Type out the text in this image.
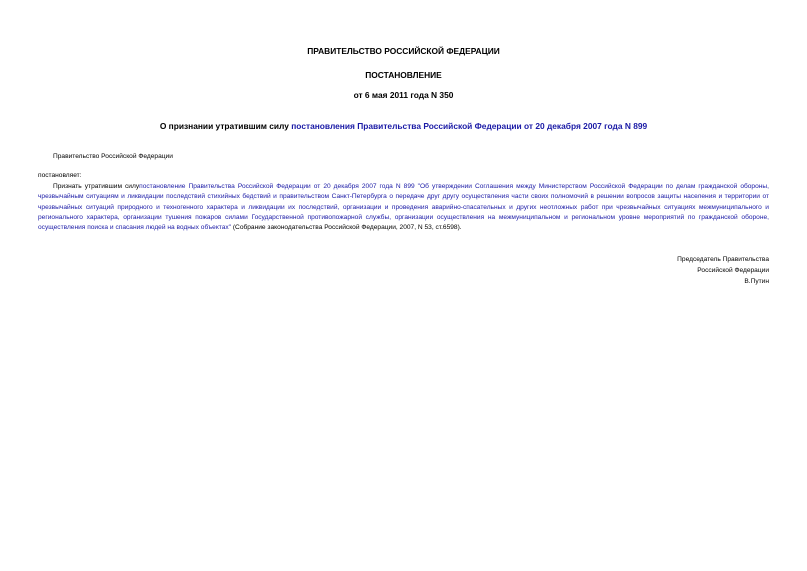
ПРАВИТЕЛЬСТВО РОССИЙСКОЙ ФЕДЕРАЦИИ
ПОСТАНОВЛЕНИЕ
от 6 мая 2011 года N 350
О признании утратившим силу постановления Правительства Российской Федерации от 20 декабря 2007 года N 899
Правительство Российской Федерации
постановляет:
Признать утратившим силупостановление Правительства Российской Федерации от 20 декабря 2007 года N 899 "Об утверждении Соглашения между Министерством Российской Федерации по делам гражданской обороны, чрезвычайным ситуациям и ликвидации последствий стихийных бедствий и правительством Санкт-Петербурга о передаче друг другу осуществления части своих полномочий в решении вопросов защиты населения и территории от чрезвычайных ситуаций природного и техногенного характера и ликвидации их последствий, организации и проведения аварийно-спасательных и других неотложных работ при чрезвычайных ситуациях межмуниципального и регионального характера, организации тушения пожаров силами Государственной противопожарной службы, организации осуществления на межмуниципальном и региональном уровне мероприятий по гражданской обороне, осуществления поиска и спасания людей на водных объектах" (Собрание законодательства Российской Федерации, 2007, N 53, ст.6598).
Председатель Правительства
Российской Федерации
В.Путин
